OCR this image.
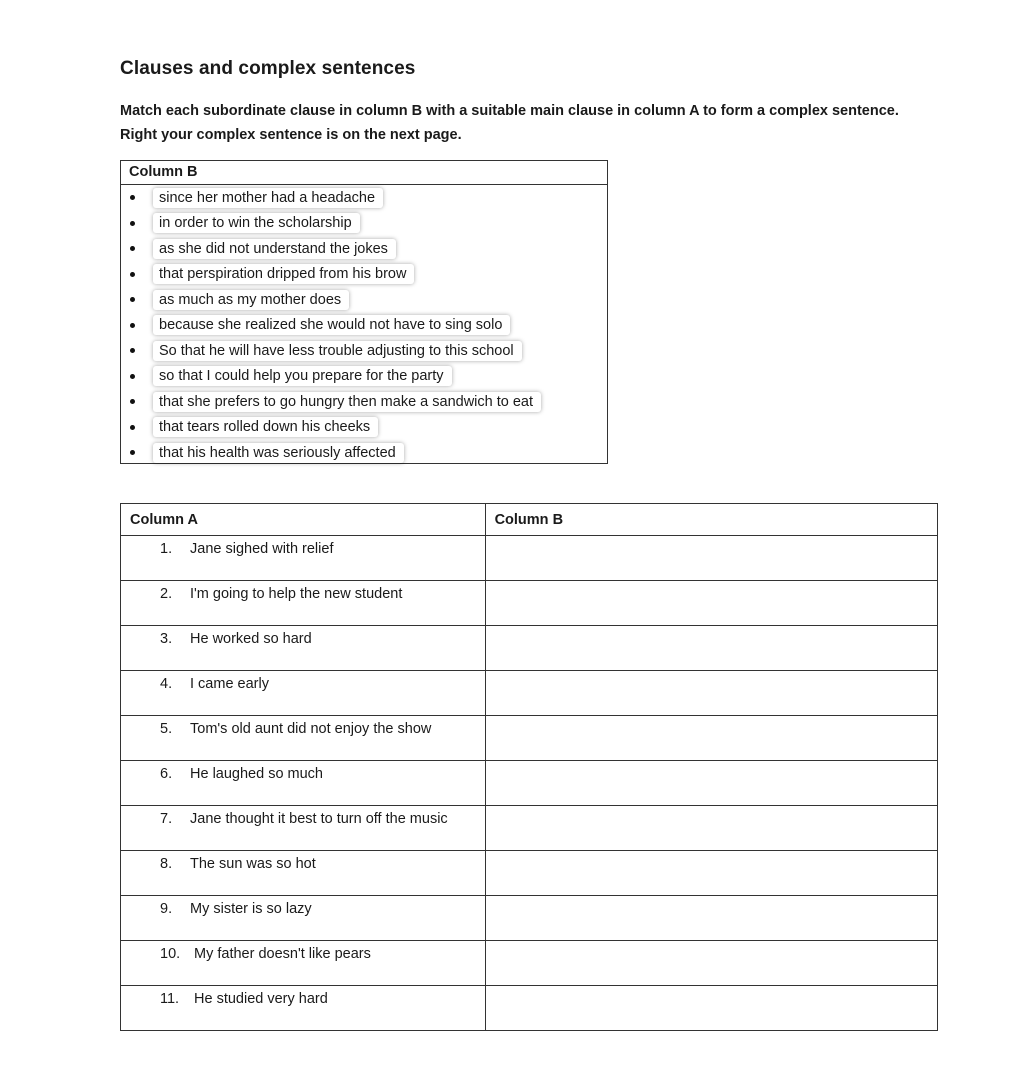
Clauses and complex sentences
Match each subordinate clause in column B with a suitable main clause in column A to form a complex sentence. Right your complex sentence is on the next page.
Column B
since her mother had a headache
in order to win the scholarship
as she did not understand the jokes
that perspiration dripped from his brow
as much as my mother does
because she realized she would not have to sing solo
So that he will have less trouble adjusting to this school
so that I could help you prepare for the party
that she prefers to go hungry then make a sandwich to eat
that tears rolled down his cheeks
that his health was seriously affected
Column A	Column B

1. Jane sighed with relief	

2. I'm going to help the new student	

3. He worked so hard	

4. I came early	

5. Tom's old aunt did not enjoy the show	

6. He laughed so much	

7. Jane thought it best to turn off the music	

8. The sun was so hot	

9. My sister is so lazy	

10. My father doesn't like pears	

11. He studied very hard	
